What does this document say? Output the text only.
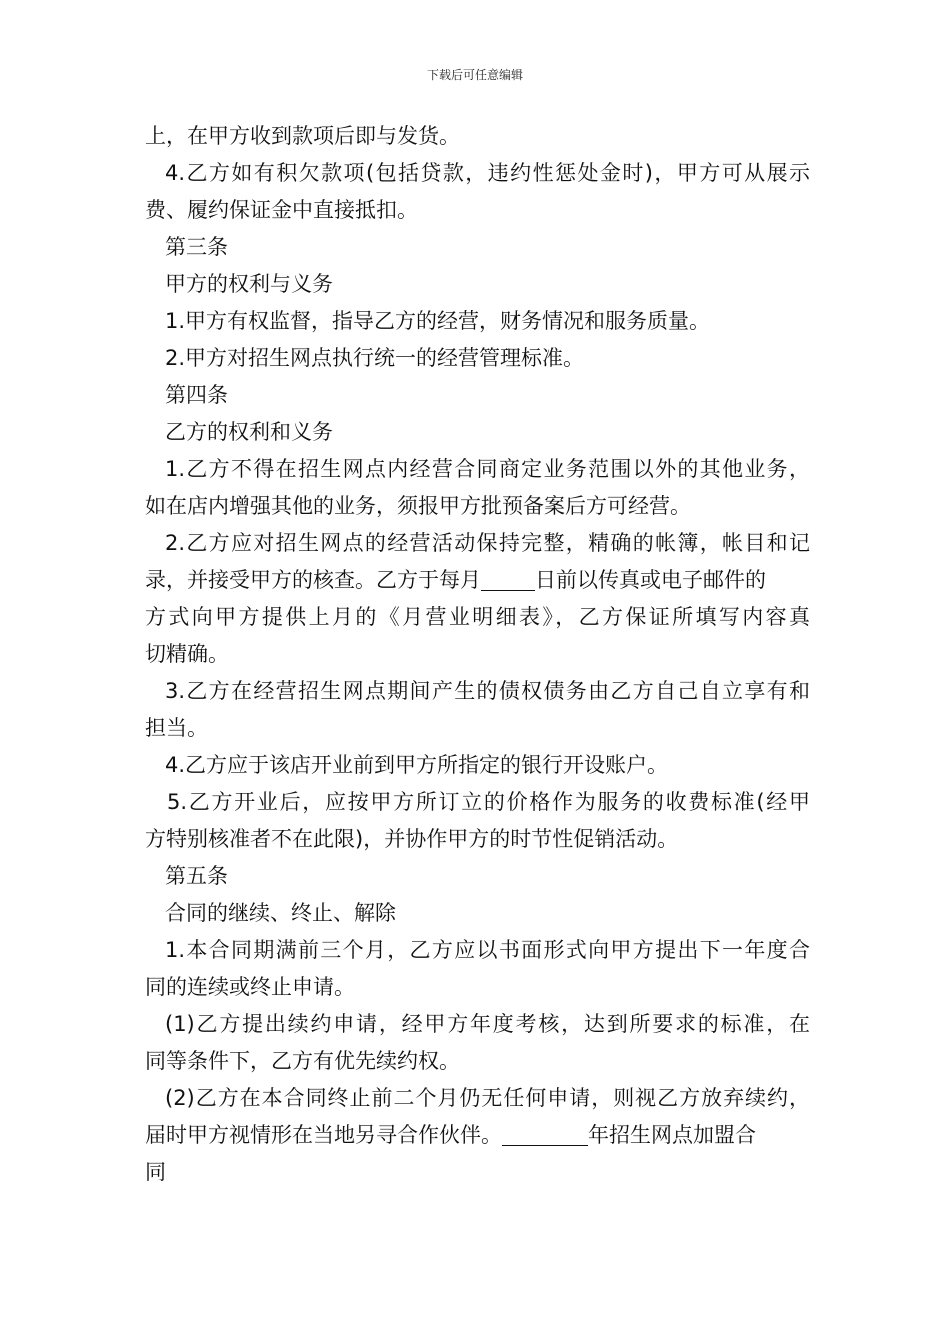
下载后可任意编辑
上，在甲方收到款项后即与发货。
4.乙方如有积欠款项(包括贷款，违约性惩处金时)，甲方可从展示
费、履约保证金中直接抵扣。
第三条
甲方的权利与义务
1.甲方有权监督，指导乙方的经营，财务情况和服务质量。
2.甲方对招生网点执行统一的经营管理标准。
第四条
乙方的权利和义务
1.乙方不得在招生网点内经营合同商定业务范围以外的其他业务，
如在店内增强其他的业务，须报甲方批预备案后方可经营。
2.乙方应对招生网点的经营活动保持完整，精确的帐簿，帐目和记
录，并接受甲方的核查。乙方于每月	日前以传真或电子邮件的
方式向甲方提供上月的《月营业明细表》，乙方保证所填写内容真
切精确。
3.乙方在经营招生网点期间产生的债权债务由乙方自己自立享有和
担当。
4.乙方应于该店开业前到甲方所指定的银行开设账户。
5.乙方开业后，应按甲方所订立的价格作为服务的收费标准(经甲
方特别核准者不在此限)，并协作甲方的时节性促销活动。
第五条
合同的继续、终止、解除
1.本合同期满前三个月，乙方应以书面形式向甲方提出下一年度合
同的连续或终止申请。
(1)乙方提出续约申请，经甲方年度考核，达到所要求的标准，在
同等条件下，乙方有优先续约权。
(2)乙方在本合同终止前二个月仍无任何申请，则视乙方放弃续约，
届时甲方视情形在当地另寻合作伙伴。	年招生网点加盟合
同
